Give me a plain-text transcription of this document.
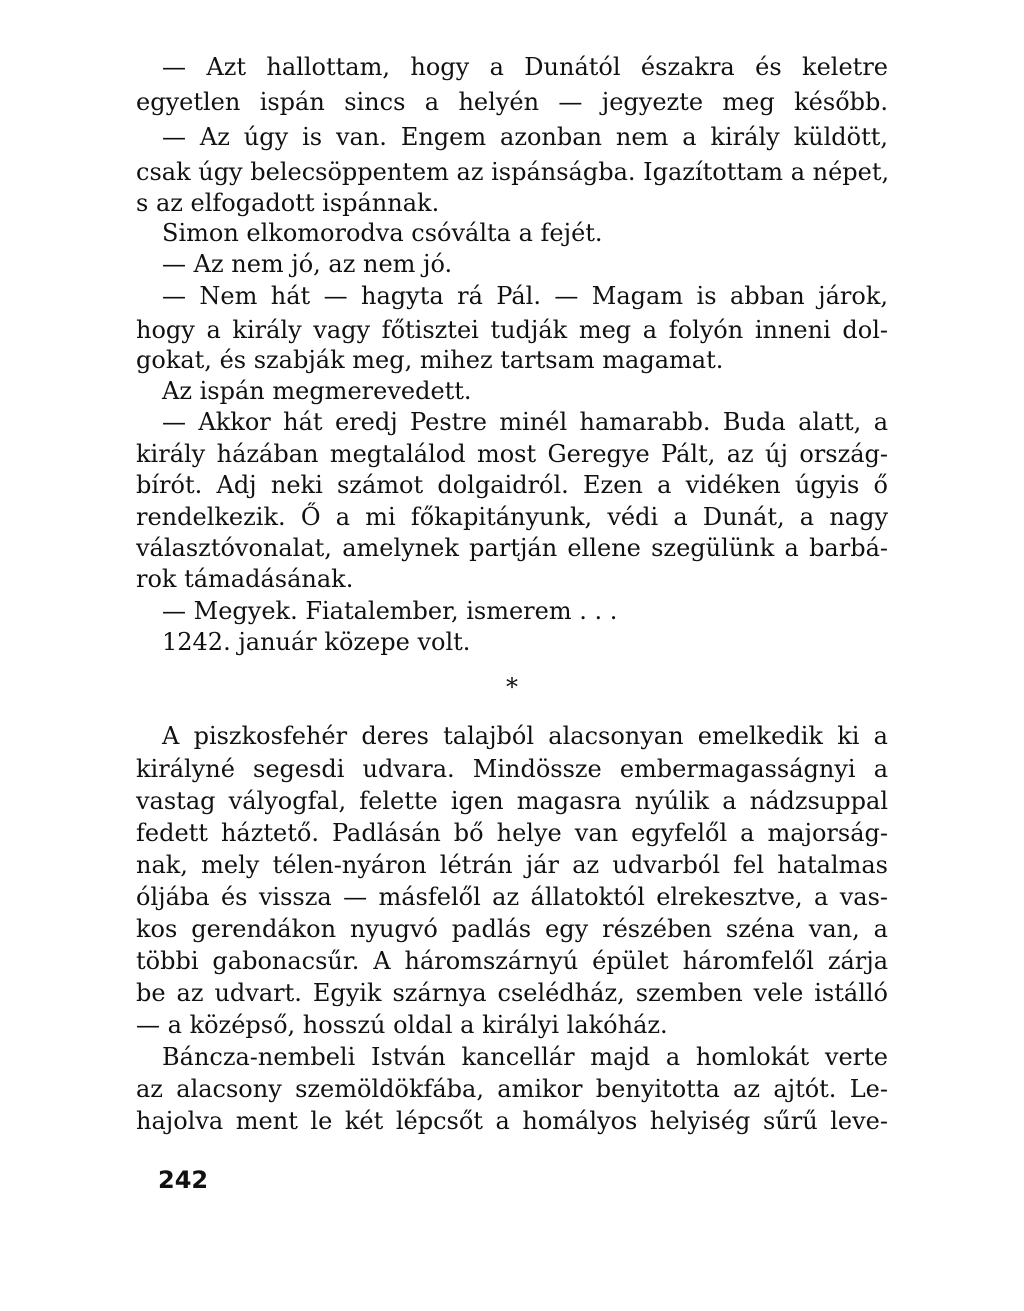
— Azt hallottam, hogy a Dunától északra és keletre
egyetlen ispán sincs a helyén — jegyezte meg később.
— Az úgy is van. Engem azonban nem a király küldött,
csak úgy belecsöppentem az ispánságba. Igazítottam a népet,
s az elfogadott ispánnak.
Simon elkomorodva csóválta a fejét.
— Az nem jó, az nem jó.
— Nem hát — hagyta rá Pál. — Magam is abban járok,
hogy a király vagy főtisztei tudják meg a folyón inneni dol-
gokat, és szabják meg, mihez tartsam magamat.
Az ispán megmerevedett.
— Akkor hát eredj Pestre minél hamarabb. Buda alatt, a
király házában megtalálod most Geregye Pált, az új ország-
bírót. Adj neki számot dolgaidról. Ezen a vidéken úgyis ő
rendelkezik. Ő a mi főkapitányunk, védi a Dunát, a nagy
választóvonalat, amelynek partján ellene szegülünk a barbá-
rok támadásának.
— Megyek. Fiatalember, ismerem . . .
1242. január közepe volt.
*
A piszkosfehér deres talajból alacsonyan emelkedik ki a
királyné segesdi udvara. Mindössze embermagasságnyi a
vastag vályogfal, felette igen magasra nyúlik a nádzsuppal
fedett háztető. Padlásán bő helye van egyfelől a majorság-
nak, mely télen-nyáron létrán jár az udvarból fel hatalmas
óljába és vissza — másfelől az állatoktól elrekesztve, a vas-
kos gerendákon nyugvó padlás egy részében széna van, a
többi gabonacsűr. A háromszárnyú épület háromfelől zárja
be az udvart. Egyik szárnya cselédház, szemben vele istálló
— a középső, hosszú oldal a királyi lakóház.
Báncza-nembeli István kancellár majd a homlokát verte
az alacsony szemöldökfába, amikor benyitotta az ajtót. Le-
hajolva ment le két lépcsőt a homályos helyiség sűrű leve-
242
